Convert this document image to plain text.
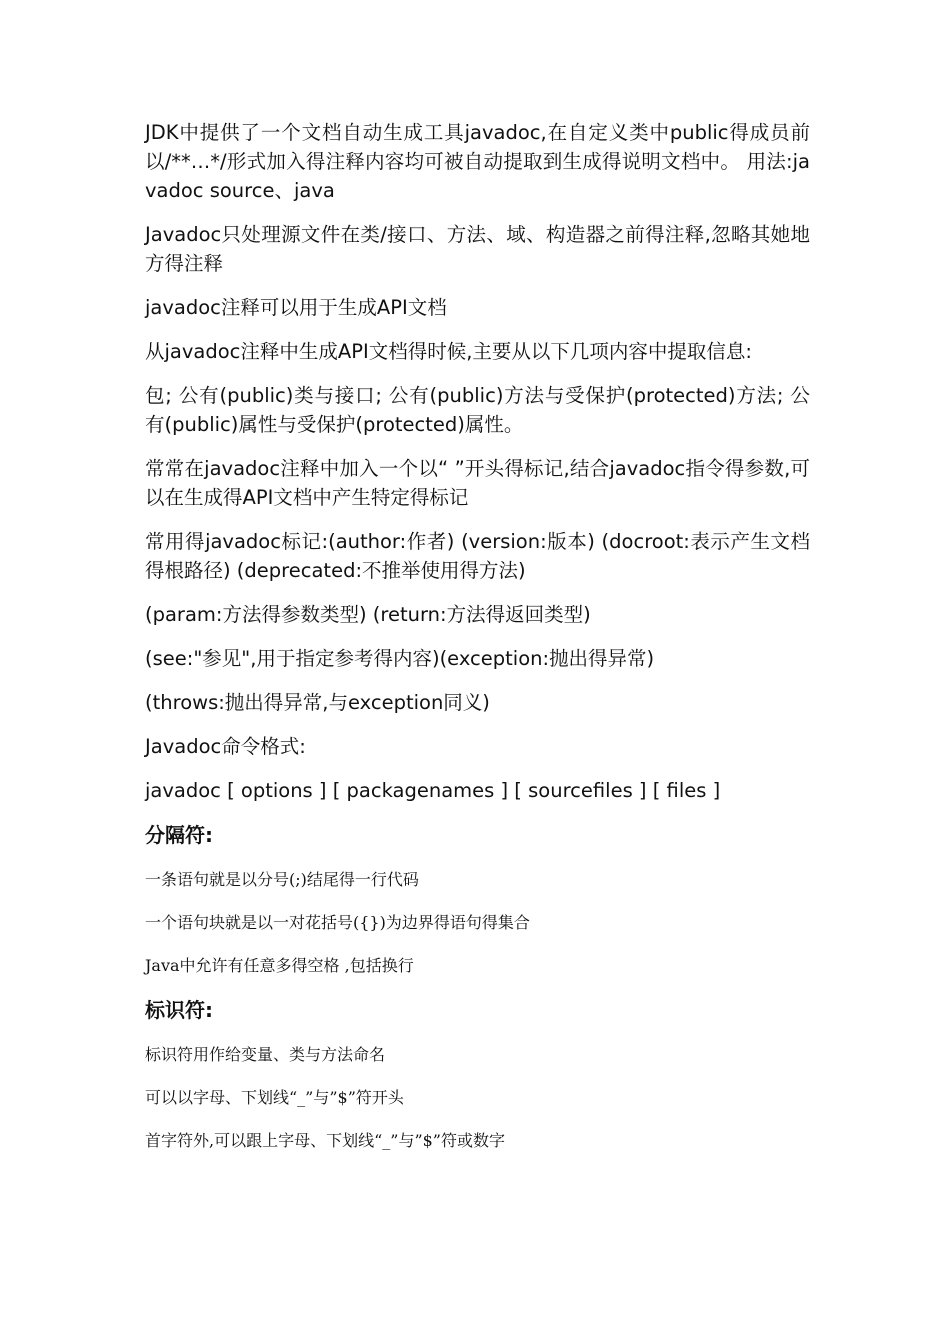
JDK中提供了一个文档自动生成工具javadoc,在自定义类中public得成员前以/**…*/形式加入得注释内容均可被自动提取到生成得说明文档中。 用法:javadoc source、java

Javadoc只处理源文件在类/接口、方法、域、构造器之前得注释,忽略其她地方得注释

javadoc注释可以用于生成API文档

从javadoc注释中生成API文档得时候,主要从以下几项内容中提取信息:

包; 公有(public)类与接口; 公有(public)方法与受保护(protected)方法; 公有(public)属性与受保护(protected)属性。

常常在javadoc注释中加入一个以“ ”开头得标记,结合javadoc指令得参数,可以在生成得API文档中产生特定得标记

常用得javadoc标记:(author:作者) (version:版本) (docroot:表示产生文档得根路径) (deprecated:不推举使用得方法)

(param:方法得参数类型) (return:方法得返回类型)

(see:"参见",用于指定参考得内容)(exception:抛出得异常)

(throws:抛出得异常,与exception同义)

Javadoc命令格式:

javadoc [ options ] [ packagenames ] [ sourcefiles ] [ files ]

分隔符:

一条语句就是以分号(;)结尾得一行代码

一个语句块就是以一对花括号({})为边界得语句得集合

Java中允许有任意多得空格 ,包括换行

标识符:

标识符用作给变量、类与方法命名

可以以字母、下划线“_”与”$”符开头

首字符外,可以跟上字母、下划线“_”与”$”符或数字
